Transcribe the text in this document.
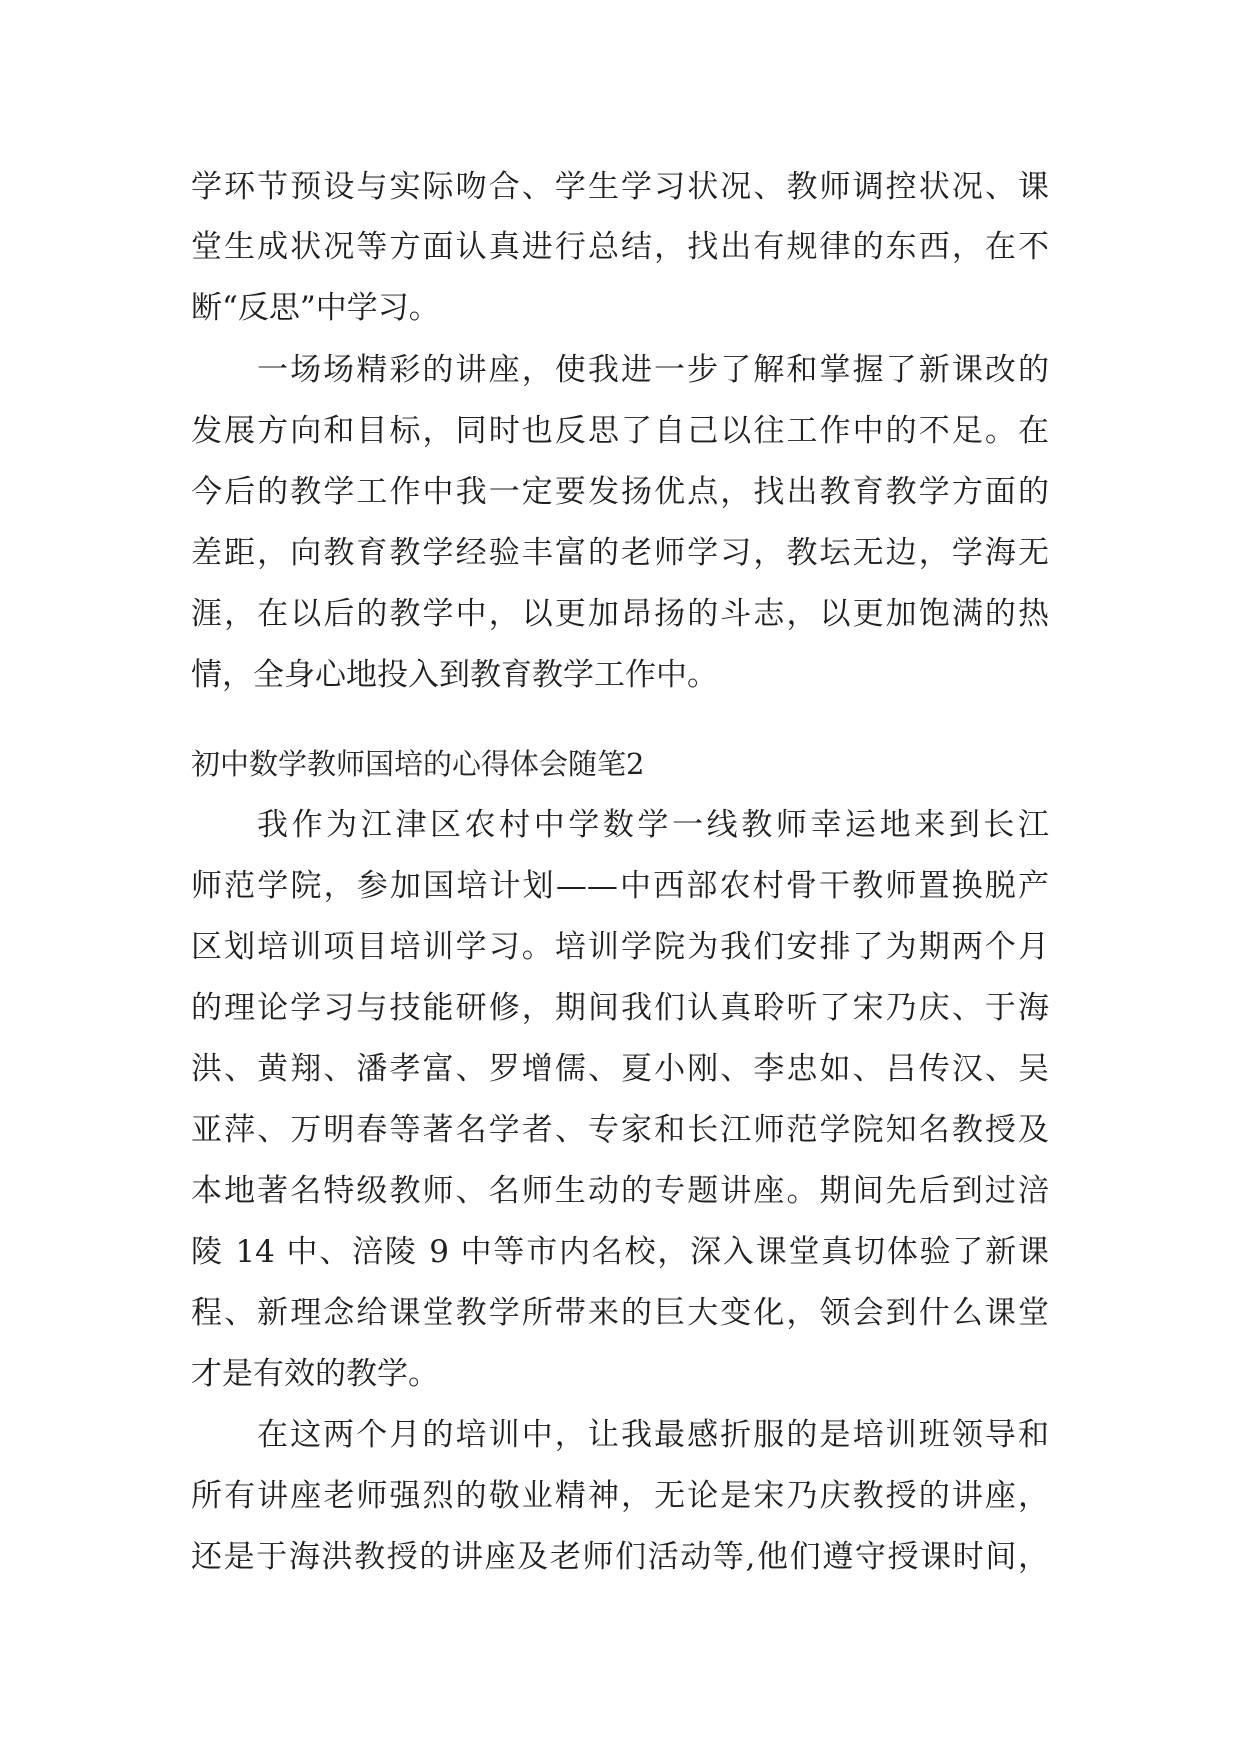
学环节预设与实际吻合、学生学习状况、教师调控状况、课
堂生成状况等方面认真进行总结，找出有规律的东西，在不
断“反思”中学习。
一场场精彩的讲座，使我进一步了解和掌握了新课改的
发展方向和目标，同时也反思了自己以往工作中的不足。在
今后的教学工作中我一定要发扬优点，找出教育教学方面的
差距，向教育教学经验丰富的老师学习，教坛无边，学海无
涯，在以后的教学中，以更加昂扬的斗志，以更加饱满的热
情，全身心地投入到教育教学工作中。
初中数学教师国培的心得体会随笔2
我作为江津区农村中学数学一线教师幸运地来到长江
师范学院，参加国培计划——中西部农村骨干教师置换脱产
区划培训项目培训学习。培训学院为我们安排了为期两个月
的理论学习与技能研修，期间我们认真聆听了宋乃庆、于海
洪、黄翔、潘孝富、罗增儒、夏小刚、李忠如、吕传汉、吴
亚萍、万明春等著名学者、专家和长江师范学院知名教授及
本地著名特级教师、名师生动的专题讲座。期间先后到过涪
陵 14 中、涪陵 9 中等市内名校，深入课堂真切体验了新课
程、新理念给课堂教学所带来的巨大变化，领会到什么课堂
才是有效的教学。
在这两个月的培训中，让我最感折服的是培训班领导和
所有讲座老师强烈的敬业精神，无论是宋乃庆教授的讲座，
还是于海洪教授的讲座及老师们活动等,他们遵守授课时间，
